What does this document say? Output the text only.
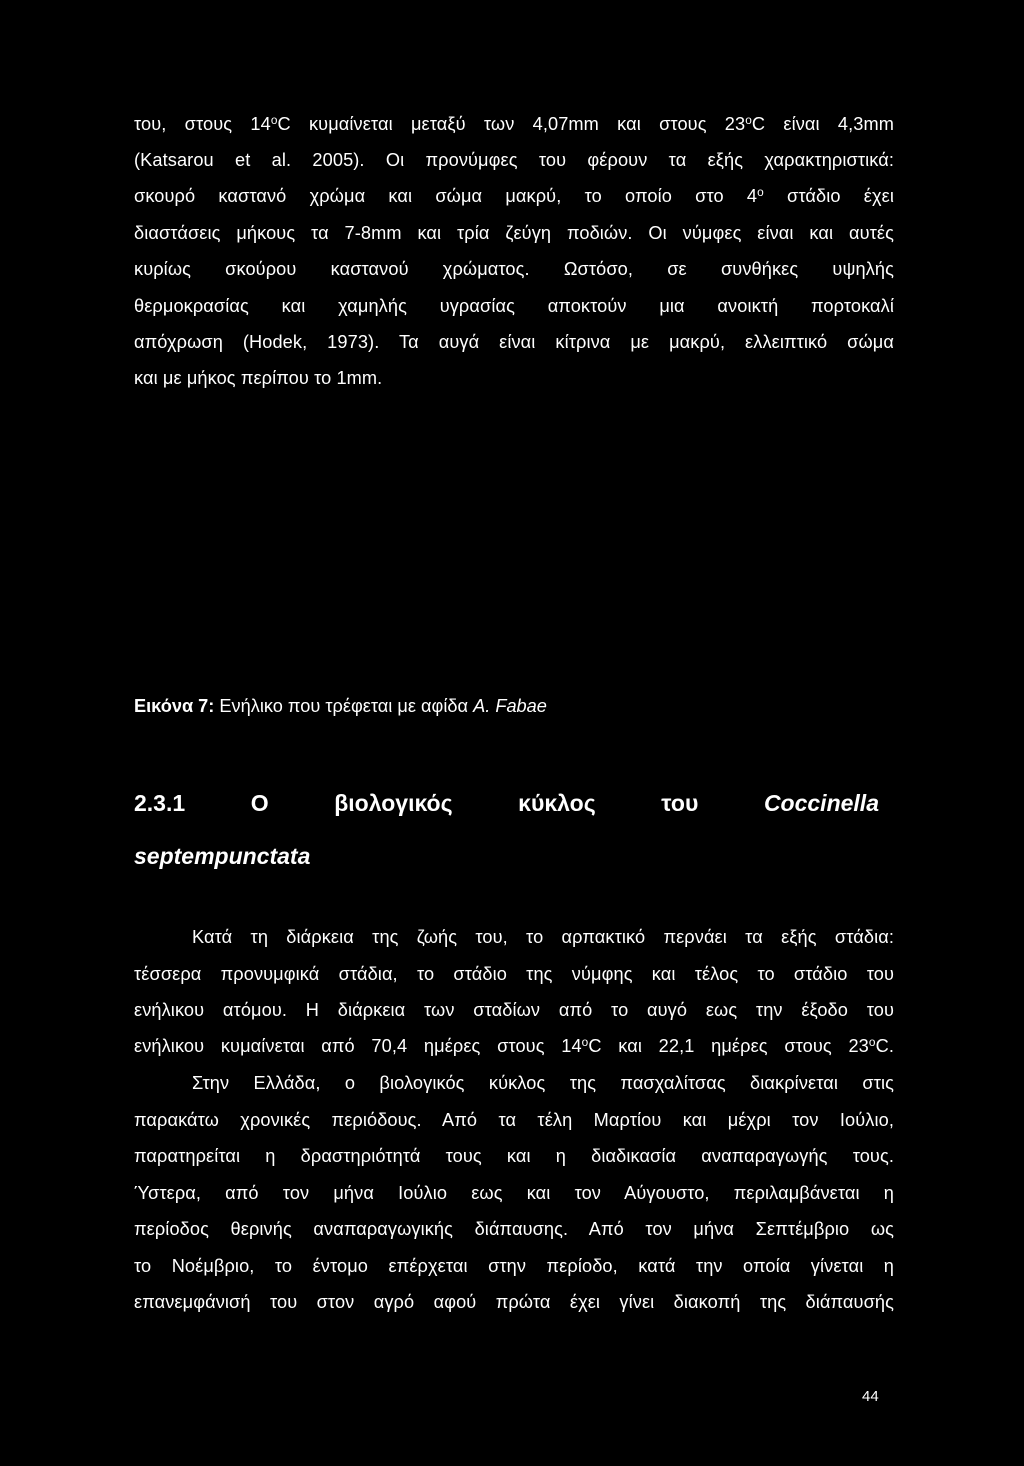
του, στους $14^oC$ κυμαίνεται μεταξύ των 4,07mm και στους $23^oC$ είναι 4,3mm
(Katsarou et al. 2005). Οι προνύμφες του φέρουν τα εξής χαρακτηριστικά:
σκουρό καστανό χρώμα και σώμα μακρύ, το οποίο στο $4^o$ στάδιο έχει
διαστάσεις μήκους τα 7-8mm και τρία ζεύγη ποδιών. Οι νύμφες είναι και αυτές
κυρίως σκούρου καστανού χρώματος. Ωστόσο, σε συνθήκες υψηλής
θερμοκρασίας και χαμηλής υγρασίας αποκτούν μια ανοικτή πορτοκαλί
απόχρωση (Hodek, 1973). Τα αυγά είναι κίτρινα με μακρύ, ελλειπτικό σώμα
και με μήκος περίπου το 1mm.
Εικόνα 7: Ενήλικο που τρέφεται με αφίδα A. Fabae
2.3.1	Ο	βιολογικός	κύκλος	του	Coccinella
septempunctata
Κατά τη διάρκεια της ζωής του, το αρπακτικό περνάει τα εξής στάδια:
τέσσερα προνυμφικά στάδια, το στάδιο της νύμφης και τέλος το στάδιο του
ενήλικου ατόμου. Η διάρκεια των σταδίων από το αυγό εως την έξοδο του
ενήλικου κυμαίνεται από 70,4 ημέρες στους $14^oC$ και 22,1 ημέρες στους $23^oC$.
Στην Ελλάδα, ο βιολογικός κύκλος της πασχαλίτσας διακρίνεται στις
παρακάτω χρονικές περιόδους. Από τα τέλη Μαρτίου και μέχρι τον Ιούλιο,
παρατηρείται η δραστηριότητά τους και η διαδικασία αναπαραγωγής τους.
Ύστερα, από τον μήνα Ιούλιο εως και τον Αύγουστο, περιλαμβάνεται η
περίοδος θερινής αναπαραγωγικής διάπαυσης. Από τον μήνα Σεπτέμβριο ως
το Νοέμβριο, το έντομο επέρχεται στην περίοδο, κατά την οποία γίνεται η
επανεμφάνισή του στον αγρό αφού πρώτα έχει γίνει διακοπή της διάπαυσής
44
